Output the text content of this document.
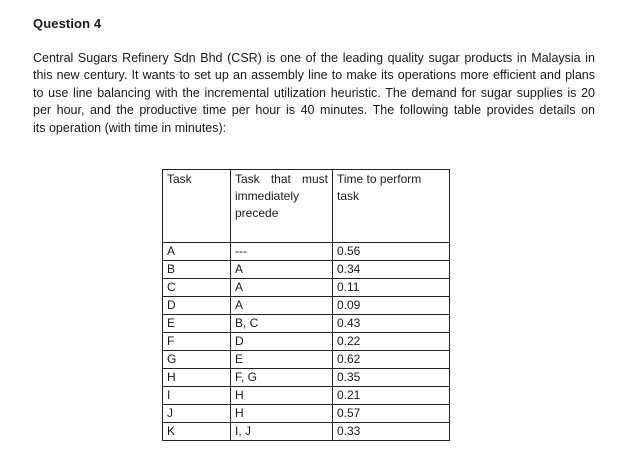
Question 4
Central Sugars Refinery Sdn Bhd (CSR) is one of the leading quality sugar products in Malaysia in
this new century. It wants to set up an assembly line to make its operations more efficient and plans
to use line balancing with the incremental utilization heuristic. The demand for sugar supplies is 20
per hour, and the productive time per hour is 40 minutes. The following table provides details on
its operation (with time in minutes):
Task	Task that must
immediately
precede	Time to perform task
A	---	0.56
B	A	0.34
C	A	0.11
D	A	0.09
E	B, C	0.43
F	D	0.22
G	E	0.62
H	F, G	0.35
I	H	0.21
J	H	0.57
K	I, J	0.33
